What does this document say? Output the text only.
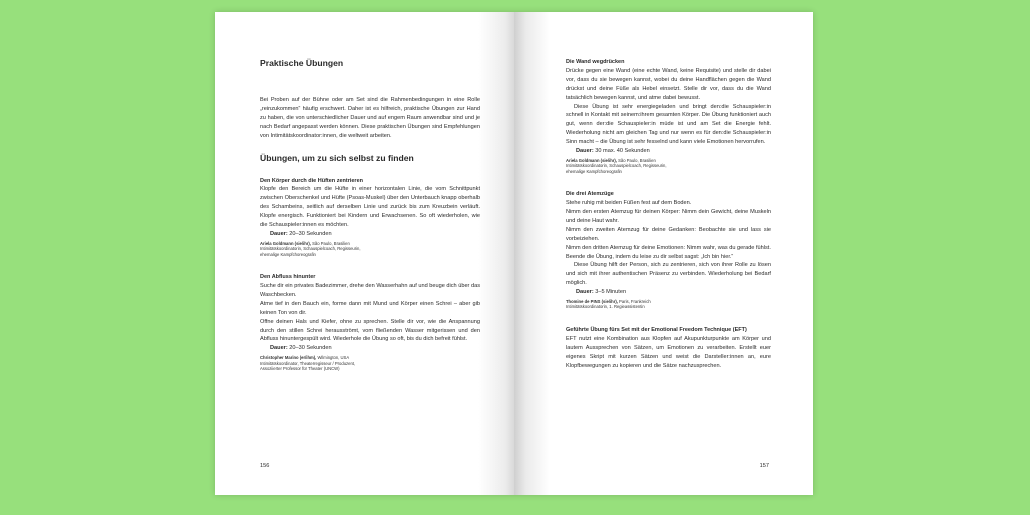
Praktische Übungen

Bei Proben auf der Bühne oder am Set sind die Rahmenbedingungen in eine Rolle „reinzukommen“ häufig erschwert. Daher ist es hilfreich, praktische Übungen zur Hand zu haben, die von unterschiedlicher Dauer und auf engem Raum anwendbar sind und je nach Bedarf angepasst werden können. Diese praktischen Übungen sind Empfehlungen von Intimitätskoordinator:innen, die weltweit arbeiten.

Übungen, um zu sich selbst zu finden
Den Körper durch die Hüften zentrieren

Klopfe den Bereich um die Hüfte in einer horizontalen Linie, die vom Schnittpunkt zwischen Oberschenkel und Hüfte (Psoas-Muskel) über den Unterbauch knapp oberhalb des Schambeins, seitlich auf derselben Linie und zurück bis zum Kreuzbein verläuft. Klopfe energisch. Funktioniert bei Kindern und Erwachsenen. So oft wiederholen, wie die Schauspieler:innen es möchten.

Dauer: 20–30 Sekunden

Ariela Goldmann (sie/ihr), São Paulo, Brasilien
Intimitätskoordinatorin, Schauspielcoach, Regisseurin,
ehemalige Kampfchoreografin
Den Abfluss hinunter

Suche dir ein privates Badezimmer, drehe den Wasserhahn auf und beuge dich über das Waschbecken.

Atme tief in den Bauch ein, forme dann mit Mund und Körper einen Schrei – aber gib keinen Ton von dir.

Offne deinen Hals und Kiefer, ohne zu sprechen. Stelle dir vor, wie die Anspannung durch den stillen Schrei herausströmt, vom fließenden Wasser mitgerissen und den Abfluss hinuntergespült wird. Wiederhole die Übung so oft, bis du dich befreit fühlst.

Dauer: 20–30 Sekunden

Christopher Marino (er/ihm), Wilmington, USA
Intimitätskoordinator, Theaterregisseur / Produzent,
Assoziierter Professor für Theater (UNCW)
156
Die Wand wegdrücken

Drücke gegen eine Wand (eine echte Wand, keine Requisite) und stelle dir dabei vor, dass du sie bewegen kannst, wobei du deine Handflächen gegen die Wand drückst und deine Füße als Hebel einsetzt. Stelle dir vor, dass du die Wand tatsächlich bewegen kannst, und atme dabei bewusst.

Diese Übung ist sehr energiegeladen und bringt den:die Schauspieler:in schnell in Kontakt mit seinem:ihrem gesamten Körper. Die Übung funktioniert auch gut, wenn der:die Schauspieler:in müde ist und am Set die Energie fehlt. Wiederholung nicht am gleichen Tag und nur wenn es für den:die Schauspieler:in Sinn macht – die Übung ist sehr fesselnd und kann viele Emotionen hervorrufen.

Dauer: 30 max. 40 Sekunden

Ariela Goldmann (sie/ihr), São Paulo, Brasilien
Intimitätskoordinatorin, Schauspielcoach, Regisseurin,
ehemalige Kampfchoreografin
Die drei Atemzüge

Stehe ruhig mit beiden Füßen fest auf dem Boden.

Nimm den ersten Atemzug für deinen Körper: Nimm dein Gewicht, deine Muskeln und deine Haut wahr.

Nimm den zweiten Atemzug für deine Gedanken: Beobachte sie und lass sie vorbeiziehen.

Nimm den dritten Atemzug für deine Emotionen: Nimm wahr, was du gerade fühlst.

Beende die Übung, indem du leise zu dir selbst sagst: „Ich bin hier.“

Diese Übung hilft der Person, sich zu zentrieren, sich von ihrer Rolle zu lösen und sich mit ihrer authentischen Präsenz zu verbinden. Wiederholung bei Bedarf möglich.

Dauer: 3–5 Minuten

Thomine de PINS (sie/ihr), Paris, Frankreich
Intimitätskoordinatorin, 1. Regieassistentin
Geführte Übung fürs Set mit der Emotional Freedom Technique (EFT)

EFT nutzt eine Kombination aus Klopfen auf Akupunkturpunkte am Körper und lautem Aussprechen von Sätzen, um Emotionen zu verarbeiten. Erstellt euer eigenes Skript mit kurzen Sätzen und weist die Darsteller:innen an, eure Klopfbewegungen zu kopieren und die Sätze nachzusprechen.

157
